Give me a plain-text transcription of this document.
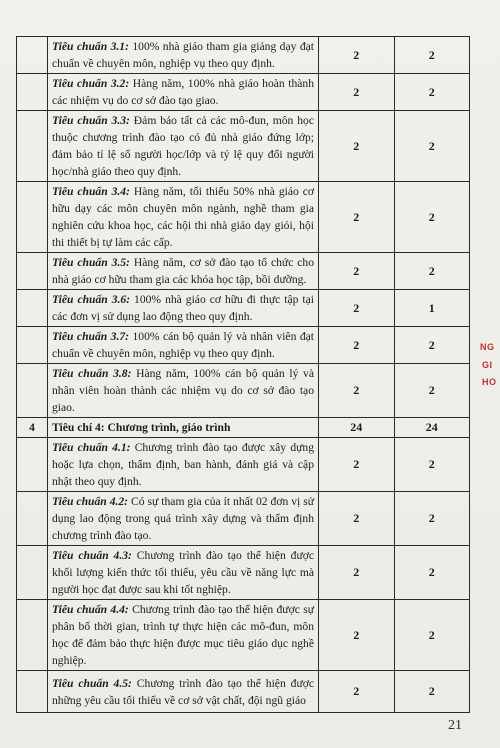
	Tiêu chuẩn 3.1: 100% nhà giáo tham gia giảng dạy đạt chuẩn về chuyên môn, nghiệp vụ theo quy định.	2	2
	Tiêu chuẩn 3.2: Hàng năm, 100% nhà giáo hoàn thành các nhiệm vụ do cơ sở đào tạo giao.	2	2
	Tiêu chuẩn 3.3: Đảm bảo tất cả các mô-đun, môn học thuộc chương trình đào tạo có đủ nhà giáo đứng lớp; đảm bảo tỉ lệ số người học/lớp và tỷ lệ quy đổi người học/nhà giáo theo quy định.	2	2
	Tiêu chuẩn 3.4: Hàng năm, tối thiểu 50% nhà giáo cơ hữu dạy các môn chuyên môn ngành, nghề tham gia nghiên cứu khoa học, các hội thi nhà giáo dạy giỏi, hội thi thiết bị tự làm các cấp.	2	2
	Tiêu chuẩn 3.5: Hàng năm, cơ sở đào tạo tổ chức cho nhà giáo cơ hữu tham gia các khóa học tập, bồi dưỡng.	2	2
	Tiêu chuẩn 3.6: 100% nhà giáo cơ hữu đi thực tập tại các đơn vị sử dụng lao động theo quy định.	2	1
	Tiêu chuẩn 3.7: 100% cán bộ quản lý và nhân viên đạt chuẩn về chuyên môn, nghiệp vụ theo quy định.	2	2
	Tiêu chuẩn 3.8: Hàng năm, 100% cán bộ quản lý và nhân viên hoàn thành các nhiệm vụ do cơ sở đào tạo giao.	2	2
4	Tiêu chí 4: Chương trình, giáo trình	24	24
	Tiêu chuẩn 4.1: Chương trình đào tạo được xây dựng hoặc lựa chọn, thẩm định, ban hành, đánh giá và cập nhật theo quy định.	2	2
	Tiêu chuẩn 4.2: Có sự tham gia của ít nhất 02 đơn vị sử dụng lao động trong quá trình xây dựng và thẩm định chương trình đào tạo.	2	2
	Tiêu chuẩn 4.3: Chương trình đào tạo thể hiện được khối lượng kiến thức tối thiểu, yêu cầu về năng lực mà người học đạt được sau khi tốt nghiệp.	2	2
	Tiêu chuẩn 4.4: Chương trình đào tạo thể hiện được sự phân bố thời gian, trình tự thực hiện các mô-đun, môn học để đảm bảo thực hiện được mục tiêu giáo dục nghề nghiệp.	2	2
	Tiêu chuẩn 4.5: Chương trình đào tạo thể hiện được những yêu cầu tối thiểu về cơ sở vật chất, đội ngũ giáo	2	2
NG
GI
HO
21
